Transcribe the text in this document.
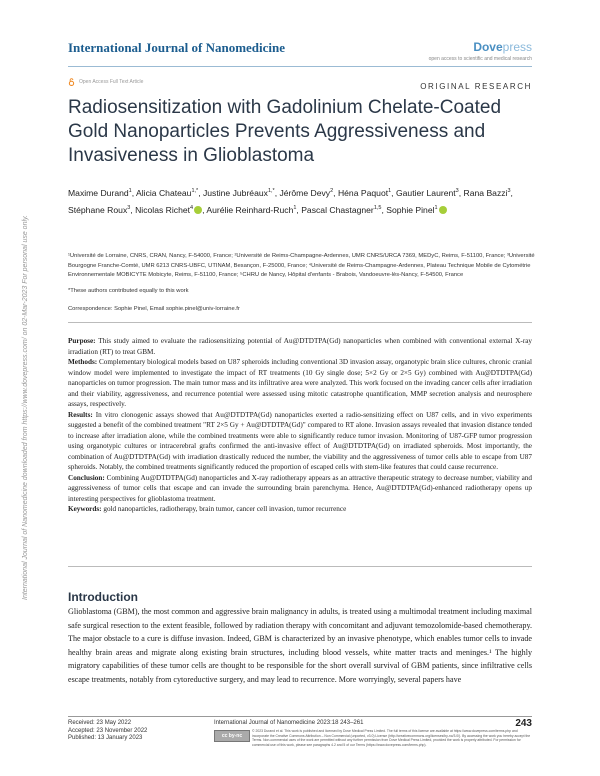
International Journal of Nanomedicine	Dovepress
open access to scientific and medical research
Open Access Full Text Article	ORIGINAL RESEARCH
Radiosensitization with Gadolinium Chelate-Coated Gold Nanoparticles Prevents Aggressiveness and Invasiveness in Glioblastoma
Maxime Durand$^1$, Alicia Chateau$^{1,*}$, Justine Jubréaux$^{1,*}$, Jérôme Devy$^2$, Héna Paquot$^1$, Gautier Laurent$^3$, Rana Bazzi$^3$, Stéphane Roux$^3$, Nicolas Richet$^4$ , Aurélie Reinhard-Ruch$^1$, Pascal Chastagner$^{1,5}$, Sophie Pinel$^1$
¹Université de Lorraine, CNRS, CRAN, Nancy, F-54000, France; ²Université de Reims-Champagne-Ardennes, UMR CNRS/URCA 7369, MEDyC, Reims, F-51100, France; ³Université Bourgogne Franche-Comté, UMR 6213 CNRS-UBFC, UTINAM, Besançon, F-25000, France; ⁴Université de Reims-Champagne-Ardennes, Plateau Technique Mobile de Cytométrie Environnementale MOBICYTE Mobicyte, Reims, F-51100, France; ⁵CHRU de Nancy, Hôpital d'enfants - Brabois, Vandoeuvre-lès-Nancy, F-54500, France
*These authors contributed equally to this work
Correspondence: Sophie Pinel, Email sophie.pinel@univ-lorraine.fr

Purpose: This study aimed to evaluate the radiosensitizing potential of Au@DTDTPA(Gd) nanoparticles when combined with conventional external X-ray irradiation (RT) to treat GBM.

Methods: Complementary biological models based on U87 spheroids including conventional 3D invasion assay, organotypic brain slice cultures, chronic cranial window model were implemented to investigate the impact of RT treatments (10 Gy single dose; 5×2 Gy or 2×5 Gy) combined with Au@DTDTPA(Gd) nanoparticles on tumor progression. The main tumor mass and its infiltrative area were analyzed. This work focused on the invading cancer cells after irradiation and their viability, aggressiveness, and recurrence potential were assessed using mitotic catastrophe quantification, MMP secretion analysis and neurosphere assays, respectively.

Results: In vitro clonogenic assays showed that Au@DTDTPA(Gd) nanoparticles exerted a radio-sensitizing effect on U87 cells, and in vivo experiments suggested a benefit of the combined treatment "RT 2×5 Gy + Au@DTDTPA(Gd)" compared to RT alone. Invasion assays revealed that invasion distance tended to increase after irradiation alone, while the combined treatments were able to significantly reduce tumor invasion. Monitoring of U87-GFP tumor progression using organotypic cultures or intracerebral grafts confirmed the anti-invasive effect of Au@DTDTPA(Gd) on irradiated spheroids. Most importantly, the combination of Au@DTDTPA(Gd) with irradiation drastically reduced the number, the viability and the aggressiveness of tumor cells able to escape from U87 spheroids. Notably, the combined treatments significantly reduced the proportion of escaped cells with stem-like features that could cause recurrence.

Conclusion: Combining Au@DTDTPA(Gd) nanoparticles and X-ray radiotherapy appears as an attractive therapeutic strategy to decrease number, viability and aggressiveness of tumor cells that escape and can invade the surrounding brain parenchyma. Hence, Au@DTDTPA(Gd)-enhanced radiotherapy opens up interesting perspectives for glioblastoma treatment.

Keywords: gold nanoparticles, radiotherapy, brain tumor, cancer cell invasion, tumor recurrence

Introduction

Glioblastoma (GBM), the most common and aggressive brain malignancy in adults, is treated using a multimodal treatment including maximal safe surgical resection to the extent feasible, followed by radiation therapy with concomitant and adjuvant temozolomide-based chemotherapy. The major obstacle to a cure is diffuse invasion. Indeed, GBM is characterized by an invasive phenotype, which enables tumor cells to invade healthy brain areas and migrate along existing brain structures, including blood vessels, white matter tracts and meninges.¹ The highly migratory capabilities of these tumor cells are thought to be responsible for the short overall survival of GBM patients, since infiltrative cells escape treatments, notably from cytoreductive surgery, and may lead to recurrence. More worryingly, several papers have

Received: 23 May 2022
Accepted: 23 November 2022
Published: 13 January 2023
International Journal of Nanomedicine 2023:18 243–261	243
cc by-nc
© 2023 Durand et al. This work is published and licensed by Dove Medical Press Limited. The full terms of this license are available at https://www.dovepress.com/terms.php and incorporate the Creative Commons Attribution – Non Commercial (unported, v3.0) License (http://creativecommons.org/licenses/by-nc/3.0/). By accessing the work you hereby accept the Terms. Non-commercial uses of the work are permitted without any further permission from Dove Medical Press Limited, provided the work is properly attributed. For permission for commercial use of this work, please see paragraphs 4.2 and 5 of our Terms (https://www.dovepress.com/terms.php).
International Journal of Nanomedicine downloaded from https://www.dovepress.com/ on 02-Mar-2023 For personal use only.
